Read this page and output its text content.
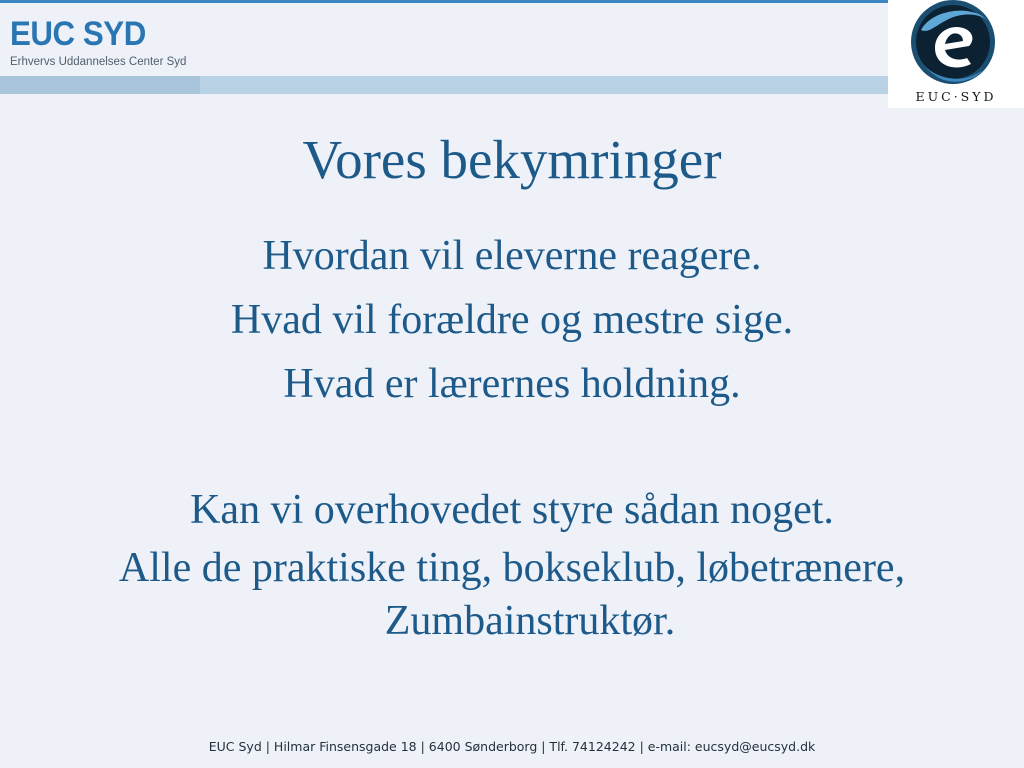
EUC SYD
Erhvervs Uddannelses Center Syd
EUC·SYD
Vores bekymringer
Hvordan vil eleverne reagere.
Hvad vil forældre og mestre sige.
Hvad er lærernes holdning.
Kan vi overhovedet styre sådan noget.
Alle de praktiske ting, bokseklub, løbetrænere, Zumbainstruktør.
EUC Syd | Hilmar Finsensgade 18 | 6400 Sønderborg | Tlf. 74124242 | e-mail: eucsyd@eucsyd.dk
